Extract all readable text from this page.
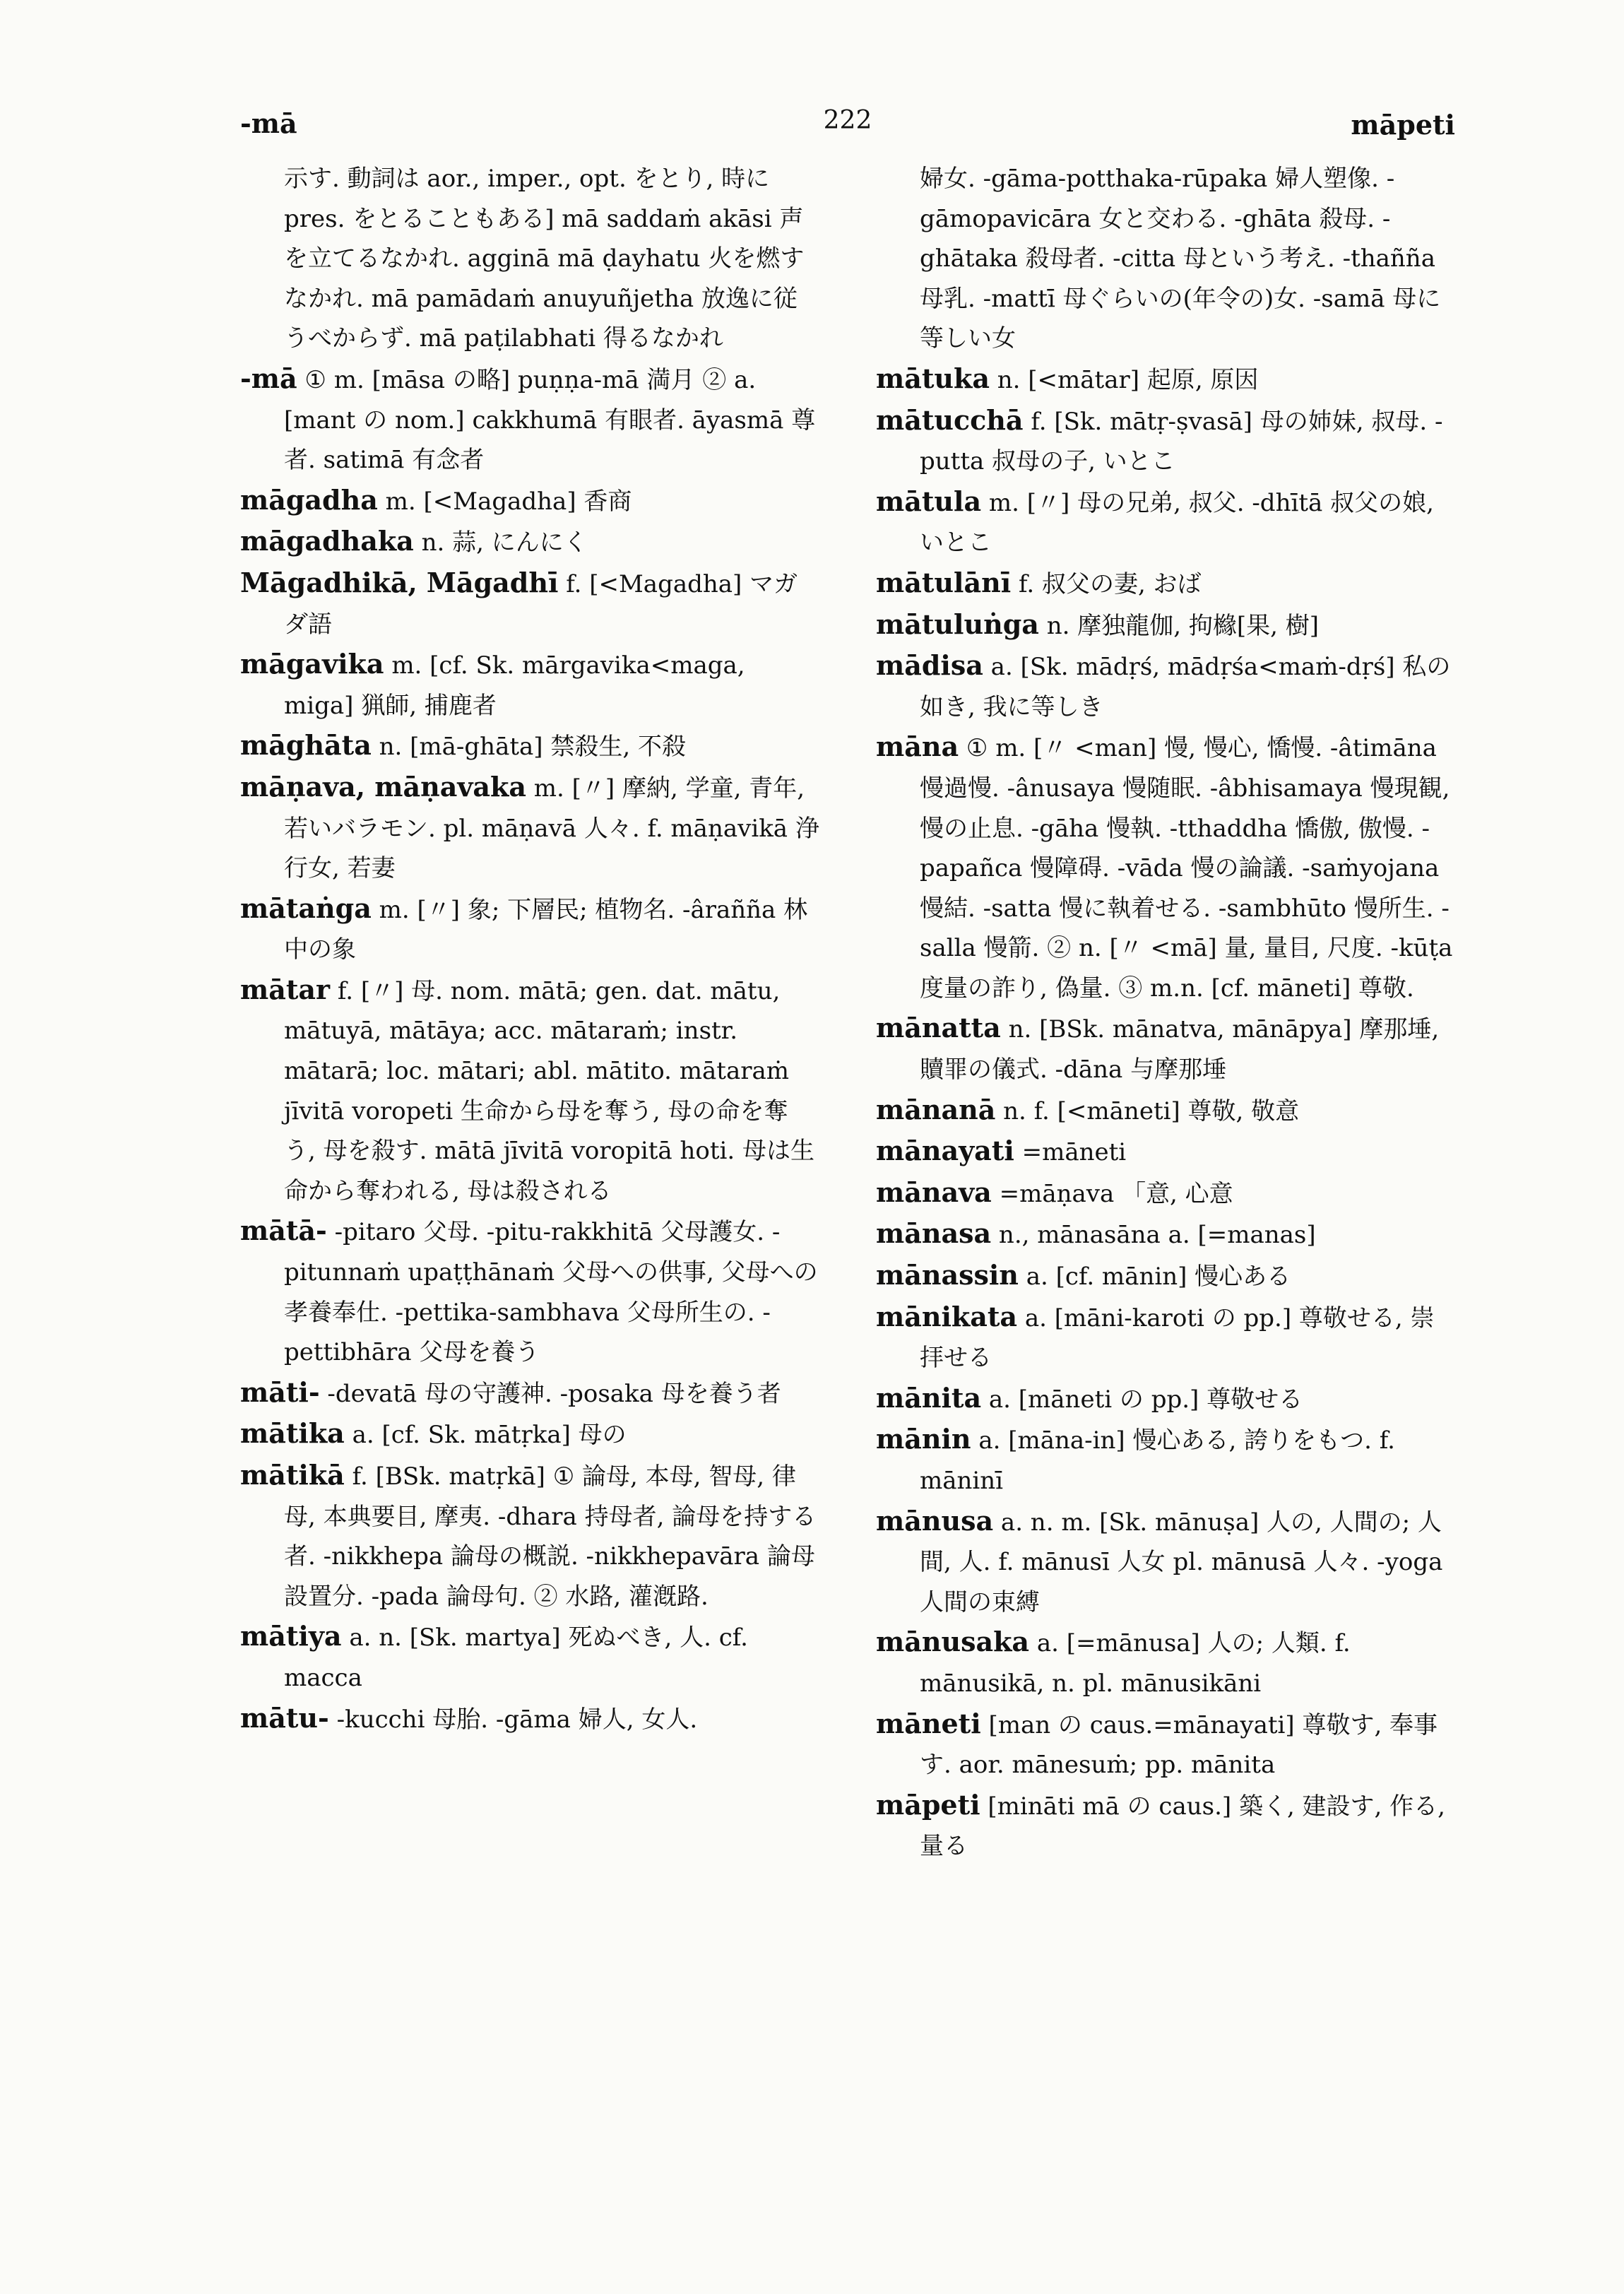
-mā	222	māpeti

示す. 動詞は aor., imper., opt. をとり, 時に pres. をとることもある] mā saddaṁ akāsi 声を立てるなかれ. agginā mā ḍayhatu 火を燃すなかれ. mā pamādaṁ anuyuñjetha 放逸に従うべからず. mā paṭilabhati 得るなかれ

-mā ① m. [māsa の略] puṇṇa-mā 満月 ② a. [mant の nom.] cakkhumā 有眼者. āyasmā 尊者. satimā 有念者

māgadha m. [<Magadha] 香商

māgadhaka n. 蒜, にんにく

Māgadhikā, Māgadhī f. [<Magadha] マガダ語

māgavika m. [cf. Sk. mārgavika<maga, miga] 猟師, 捕鹿者

māghāta n. [mā-ghāta] 禁殺生, 不殺

māṇava, māṇavaka m. [〃] 摩納, 学童, 青年, 若いバラモン. pl. māṇavā 人々. f. māṇavikā 浄行女, 若妻

mātaṅga m. [〃] 象; 下層民; 植物名. -âraññа 林中の象

mātar f. [〃] 母. nom. mātā; gen. dat. mātu, mātuyā, mātāya; acc. mātaraṁ; instr. mātarā; loc. mātari; abl. mātito. mātaraṁ jīvitā voropeti 生命から母を奪う, 母の命を奪う, 母を殺す. mātā jīvitā voropitā hoti. 母は生命から奪われる, 母は殺される

mātā- -pitaro 父母. -pitu-rakkhitā 父母護女. -pitunnaṁ upaṭṭhānaṁ 父母への供事, 父母への孝養奉仕. -pettika-sambhava 父母所生の. -pettibhāra 父母を養う

māti- -devatā 母の守護神. -posaka 母を養う者

mātika a. [cf. Sk. mātṛka] 母の

mātikā f. [BSk. matṛkā] ① 論母, 本母, 智母, 律母, 本典要目, 摩夷. -dhara 持母者, 論母を持する者. -nikkhepa 論母の概説. -nikkhepavāra 論母設置分. -pada 論母句. ② 水路, 灌漑路.

mātiya a. n. [Sk. martya] 死ぬべき, 人. cf. macca

mātu- -kucchi 母胎. -gāma 婦人, 女人.

婦女. -gāma-potthaka-rūpaka 婦人塑像. -gāmopavicāra 女と交わる. -ghāta 殺母. -ghātaka 殺母者. -citta 母という考え. -thañña 母乳. -mattī 母ぐらいの(年令の)女. -samā 母に等しい女

mātuka n. [<mātar] 起原, 原因

mātucchā f. [Sk. mātṛ-ṣvasā] 母の姉妹, 叔母. -putta 叔母の子, いとこ

mātula m. [〃] 母の兄弟, 叔父. -dhītā 叔父の娘, いとこ

mātulānī f. 叔父の妻, おば

mātuluṅga n. 摩独龍伽, 拘櫞[果, 樹]

mādisa a. [Sk. mādṛś, mādṛśa<maṁ-dṛś] 私の如き, 我に等しき

māna ① m. [〃 <man] 慢, 慢心, 憍慢. -âtimāna 慢過慢. -ânusaya 慢随眠. -âbhisamaya 慢現観, 慢の止息. -gāha 慢執. -tthaddha 憍傲, 傲慢. -papañca 慢障碍. -vāda 慢の論議. -saṁyojana 慢結. -satta 慢に執着せる. -sambhūto 慢所生. -salla 慢箭. ② n. [〃 <mā] 量, 量目, 尺度. -kūṭa 度量の詐り, 偽量. ③ m.n. [cf. māneti] 尊敬.

mānatta n. [BSk. mānatva, mānāpya] 摩那埵, 贖罪の儀式. -dāna 与摩那埵

mānanā n. f. [<māneti] 尊敬, 敬意

mānayati =māneti

mānava =māṇava 「意, 心意

mānasa n., mānasāna a. [=manas]

mānassin a. [cf. mānin] 慢心ある

mānikata a. [māni-karoti の pp.] 尊敬せる, 崇拝せる

mānita a. [māneti の pp.] 尊敬せる

mānin a. [māna-in] 慢心ある, 誇りをもつ. f. māninī

mānusa a. n. m. [Sk. mānuṣa] 人の, 人間の; 人間, 人. f. mānusī 人女 pl. mānusā 人々. -yoga 人間の束縛

mānusaka a. [=mānusa] 人の; 人類. f. mānusikā, n. pl. mānusikāni

māneti [man の caus.=mānayati] 尊敬す, 奉事す. aor. mānesuṁ; pp. mānita

māpeti [mināti mā の caus.] 築く, 建設す, 作る, 量る
